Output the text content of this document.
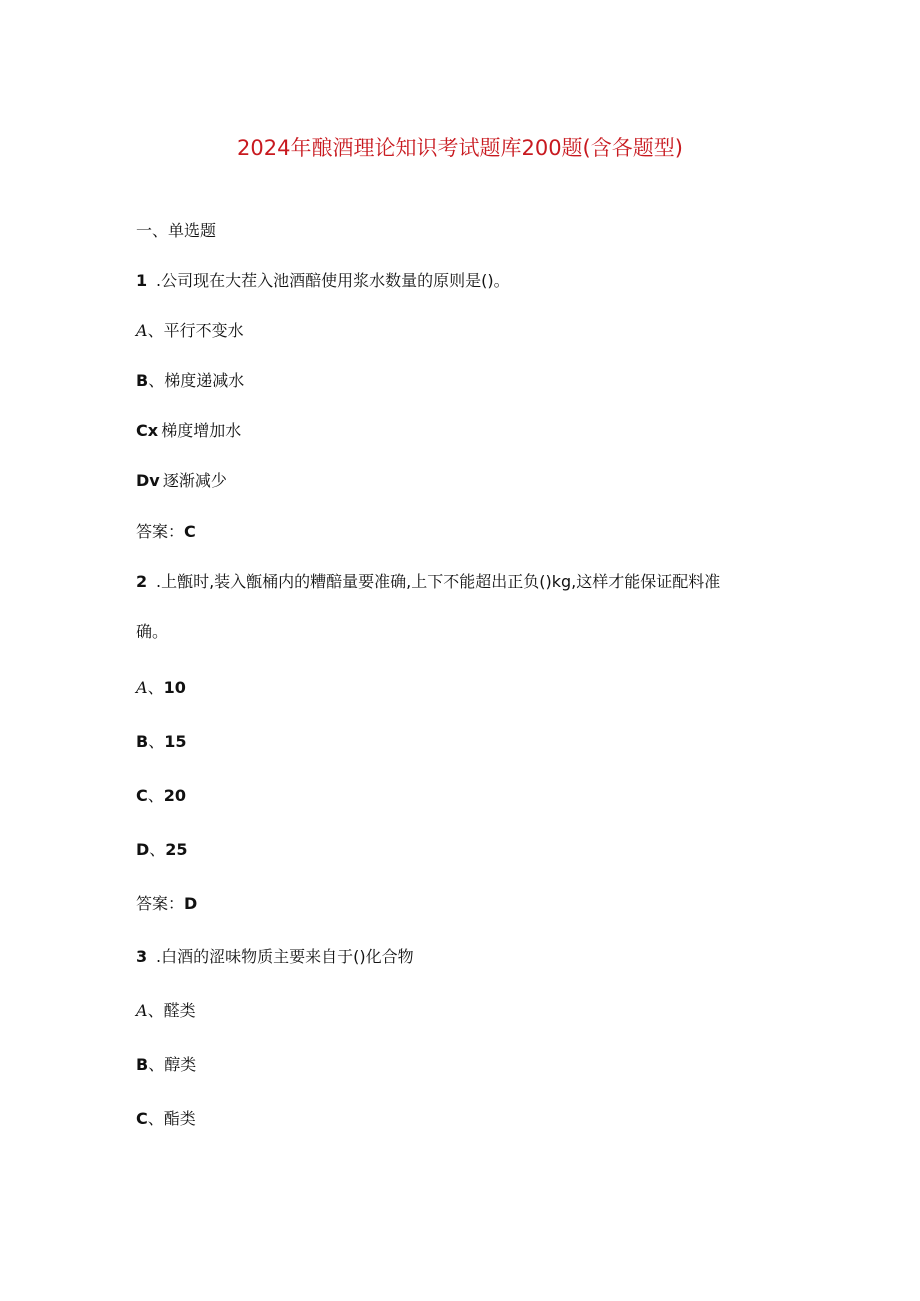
2024年酿酒理论知识考试题库200题(含各题型)
一、单选题
1 .公司现在大茬入池酒醅使用浆水数量的原则是()。
A、平行不变水
B、梯度递减水
Cx  梯度增加水
Dv  逐渐减少
答案：C
2 .上甑时,装入甑桶内的糟醅量要准确,上下不能超出正负()kg,这样才能保证配料准
确。
A、10
B、15
C、20
D、25
答案：D
3 .白酒的涩味物质主要来自于()化合物
A、醛类
B、醇类
C、酯类
